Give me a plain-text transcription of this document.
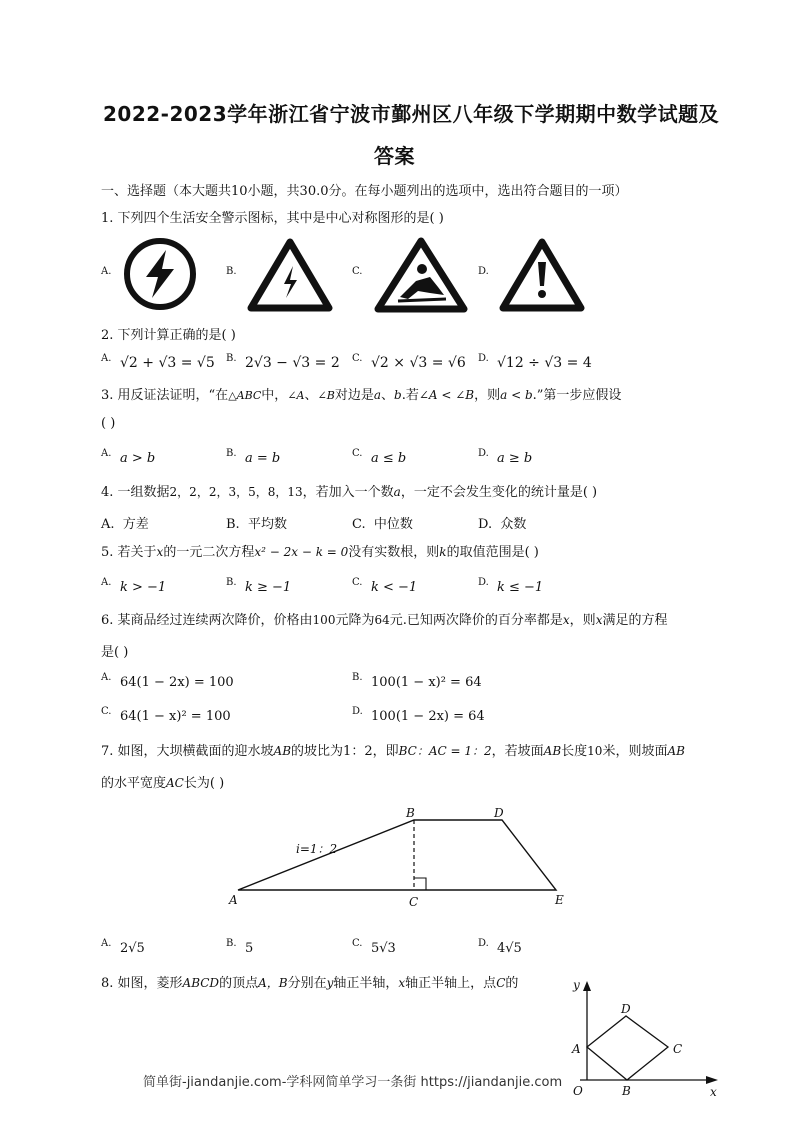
2022-2023学年浙江省宁波市鄞州区八年级下学期期中数学试题及
答案
一、选择题（本大题共10小题，共30.0分。在每小题列出的选项中，选出符合题目的一项）
1. 下列四个生活安全警示图标，其中是中心对称图形的是( )
A.	B.	C.	D.
2. 下列计算正确的是( )
A. √2 + √3 = √5 B. 2√3 − √3 = 2 C. √2 × √3 = √6 D. √12 ÷ √3 = 4
3. 用反证法证明，“在△ABC中，∠A、∠B对边是a、b.若∠A < ∠B，则a < b.”第一步应假设
( )
A. a > b	B. a = b	C. a ≤ b	D. a ≥ b
4. 一组数据2，2，2，3，5，8，13，若加入一个数a，一定不会发生变化的统计量是( )
A. 方差	B. 平均数	C. 中位数	D. 众数
5. 若关于x的一元二次方程x² − 2x − k = 0没有实数根，则k的取值范围是( )
A. k > −1	B. k ≥ −1	C. k < −1	D. k ≤ −1
6. 某商品经过连续两次降价，价格由100元降为64元.已知两次降价的百分率都是x，则x满足的方程
是( )
A. 64(1 − 2x) = 100	B. 100(1 − x)² = 64
C. 64(1 − x)² = 100	D. 100(1 − 2x) = 64
7. 如图，大坝横截面的迎水坡AB的坡比为1：2，即BC：AC = 1：2，若坡面AB长度10米，则坡面AB
的水平宽度AC长为( )
A
B
C
D
E
i=1：2
A. 2√5	B. 5	C. 5√3	D. 4√5
8. 如图，菱形ABCD的顶点A，B分别在y轴正半轴，x轴正半轴上，点C的	y
x
D
A	C
O	B
简单街-jiandanjie.com-学科网简单学习一条街 https://jiandanjie.com
